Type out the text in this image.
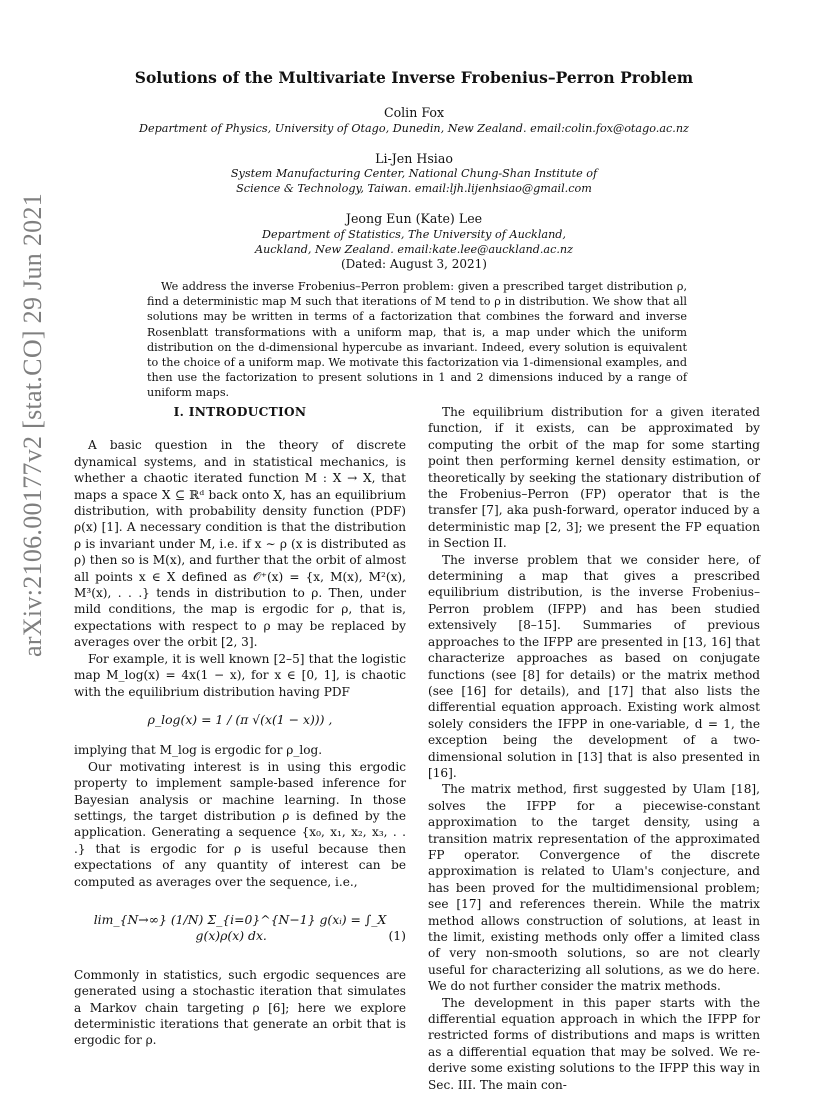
arXiv:2106.00177v2 [stat.CO] 29 Jun 2021
Solutions of the Multivariate Inverse Frobenius–Perron Problem
Colin Fox
Department of Physics, University of Otago, Dunedin, New Zealand. email:colin.fox@otago.ac.nz
Li-Jen Hsiao
System Manufacturing Center, National Chung-Shan Institute of
Science & Technology, Taiwan. email:ljh.lijenhsiao@gmail.com
Jeong Eun (Kate) Lee
Department of Statistics, The University of Auckland,
Auckland, New Zealand. email:kate.lee@auckland.ac.nz
(Dated: August 3, 2021)
We address the inverse Frobenius–Perron problem: given a prescribed target distribution ρ, find a deterministic map M such that iterations of M tend to ρ in distribution. We show that all solutions may be written in terms of a factorization that combines the forward and inverse Rosenblatt transformations with a uniform map, that is, a map under which the uniform distribution on the d-dimensional hypercube as invariant. Indeed, every solution is equivalent to the choice of a uniform map. We motivate this factorization via 1-dimensional examples, and then use the factorization to present solutions in 1 and 2 dimensions induced by a range of uniform maps.
I. INTRODUCTION

A basic question in the theory of discrete dynamical systems, and in statistical mechanics, is whether a chaotic iterated function M : X → X, that maps a space X ⊆ ℝᵈ back onto X, has an equilibrium distribution, with probability density function (PDF) ρ(x) [1]. A necessary condition is that the distribution ρ is invariant under M, i.e. if x ∼ ρ (x is distributed as ρ) then so is M(x), and further that the orbit of almost all points x ∈ X defined as 𝒪⁺(x) = {x, M(x), M²(x), M³(x), . . .} tends in distribution to ρ. Then, under mild conditions, the map is ergodic for ρ, that is, expectations with respect to ρ may be replaced by averages over the orbit [2, 3].

For example, it is well known [2–5] that the logistic map M_log(x) = 4x(1 − x), for x ∈ [0, 1], is chaotic with the equilibrium distribution having PDF

ρ_log(x) = 1 / (π √(x(1 − x))) ,

implying that M_log is ergodic for ρ_log.

Our motivating interest is in using this ergodic property to implement sample-based inference for Bayesian analysis or machine learning. In those settings, the target distribution ρ is defined by the application. Generating a sequence {x₀, x₁, x₂, x₃, . . .} that is ergodic for ρ is useful because then expectations of any quantity of interest can be computed as averages over the sequence, i.e.,

lim_{N→∞} (1/N) Σ_{i=0}^{N−1} g(xᵢ) = ∫_X g(x)ρ(x) dx.	(1)

Commonly in statistics, such ergodic sequences are generated using a stochastic iteration that simulates a Markov chain targeting ρ [6]; here we explore deterministic iterations that generate an orbit that is ergodic for ρ.

The equilibrium distribution for a given iterated function, if it exists, can be approximated by computing the orbit of the map for some starting point then performing kernel density estimation, or theoretically by seeking the stationary distribution of the Frobenius–Perron (FP) operator that is the transfer [7], aka push-forward, operator induced by a deterministic map [2, 3]; we present the FP equation in Section II.

The inverse problem that we consider here, of determining a map that gives a prescribed equilibrium distribution, is the inverse Frobenius–Perron problem (IFPP) and has been studied extensively [8–15]. Summaries of previous approaches to the IFPP are presented in [13, 16] that characterize approaches as based on conjugate functions (see [8] for details) or the matrix method (see [16] for details), and [17] that also lists the differential equation approach. Existing work almost solely considers the IFPP in one-variable, d = 1, the exception being the development of a two-dimensional solution in [13] that is also presented in [16].

The matrix method, first suggested by Ulam [18], solves the IFPP for a piecewise-constant approximation to the target density, using a transition matrix representation of the approximated FP operator. Convergence of the discrete approximation is related to Ulam's conjecture, and has been proved for the multidimensional problem; see [17] and references therein. While the matrix method allows construction of solutions, at least in the limit, existing methods only offer a limited class of very non-smooth solutions, so are not clearly useful for characterizing all solutions, as we do here. We do not further consider the matrix methods.

The development in this paper starts with the differential equation approach in which the IFPP for restricted forms of distributions and maps is written as a differential equation that may be solved. We re-derive some existing solutions to the IFPP this way in Sec. III. The main con-
